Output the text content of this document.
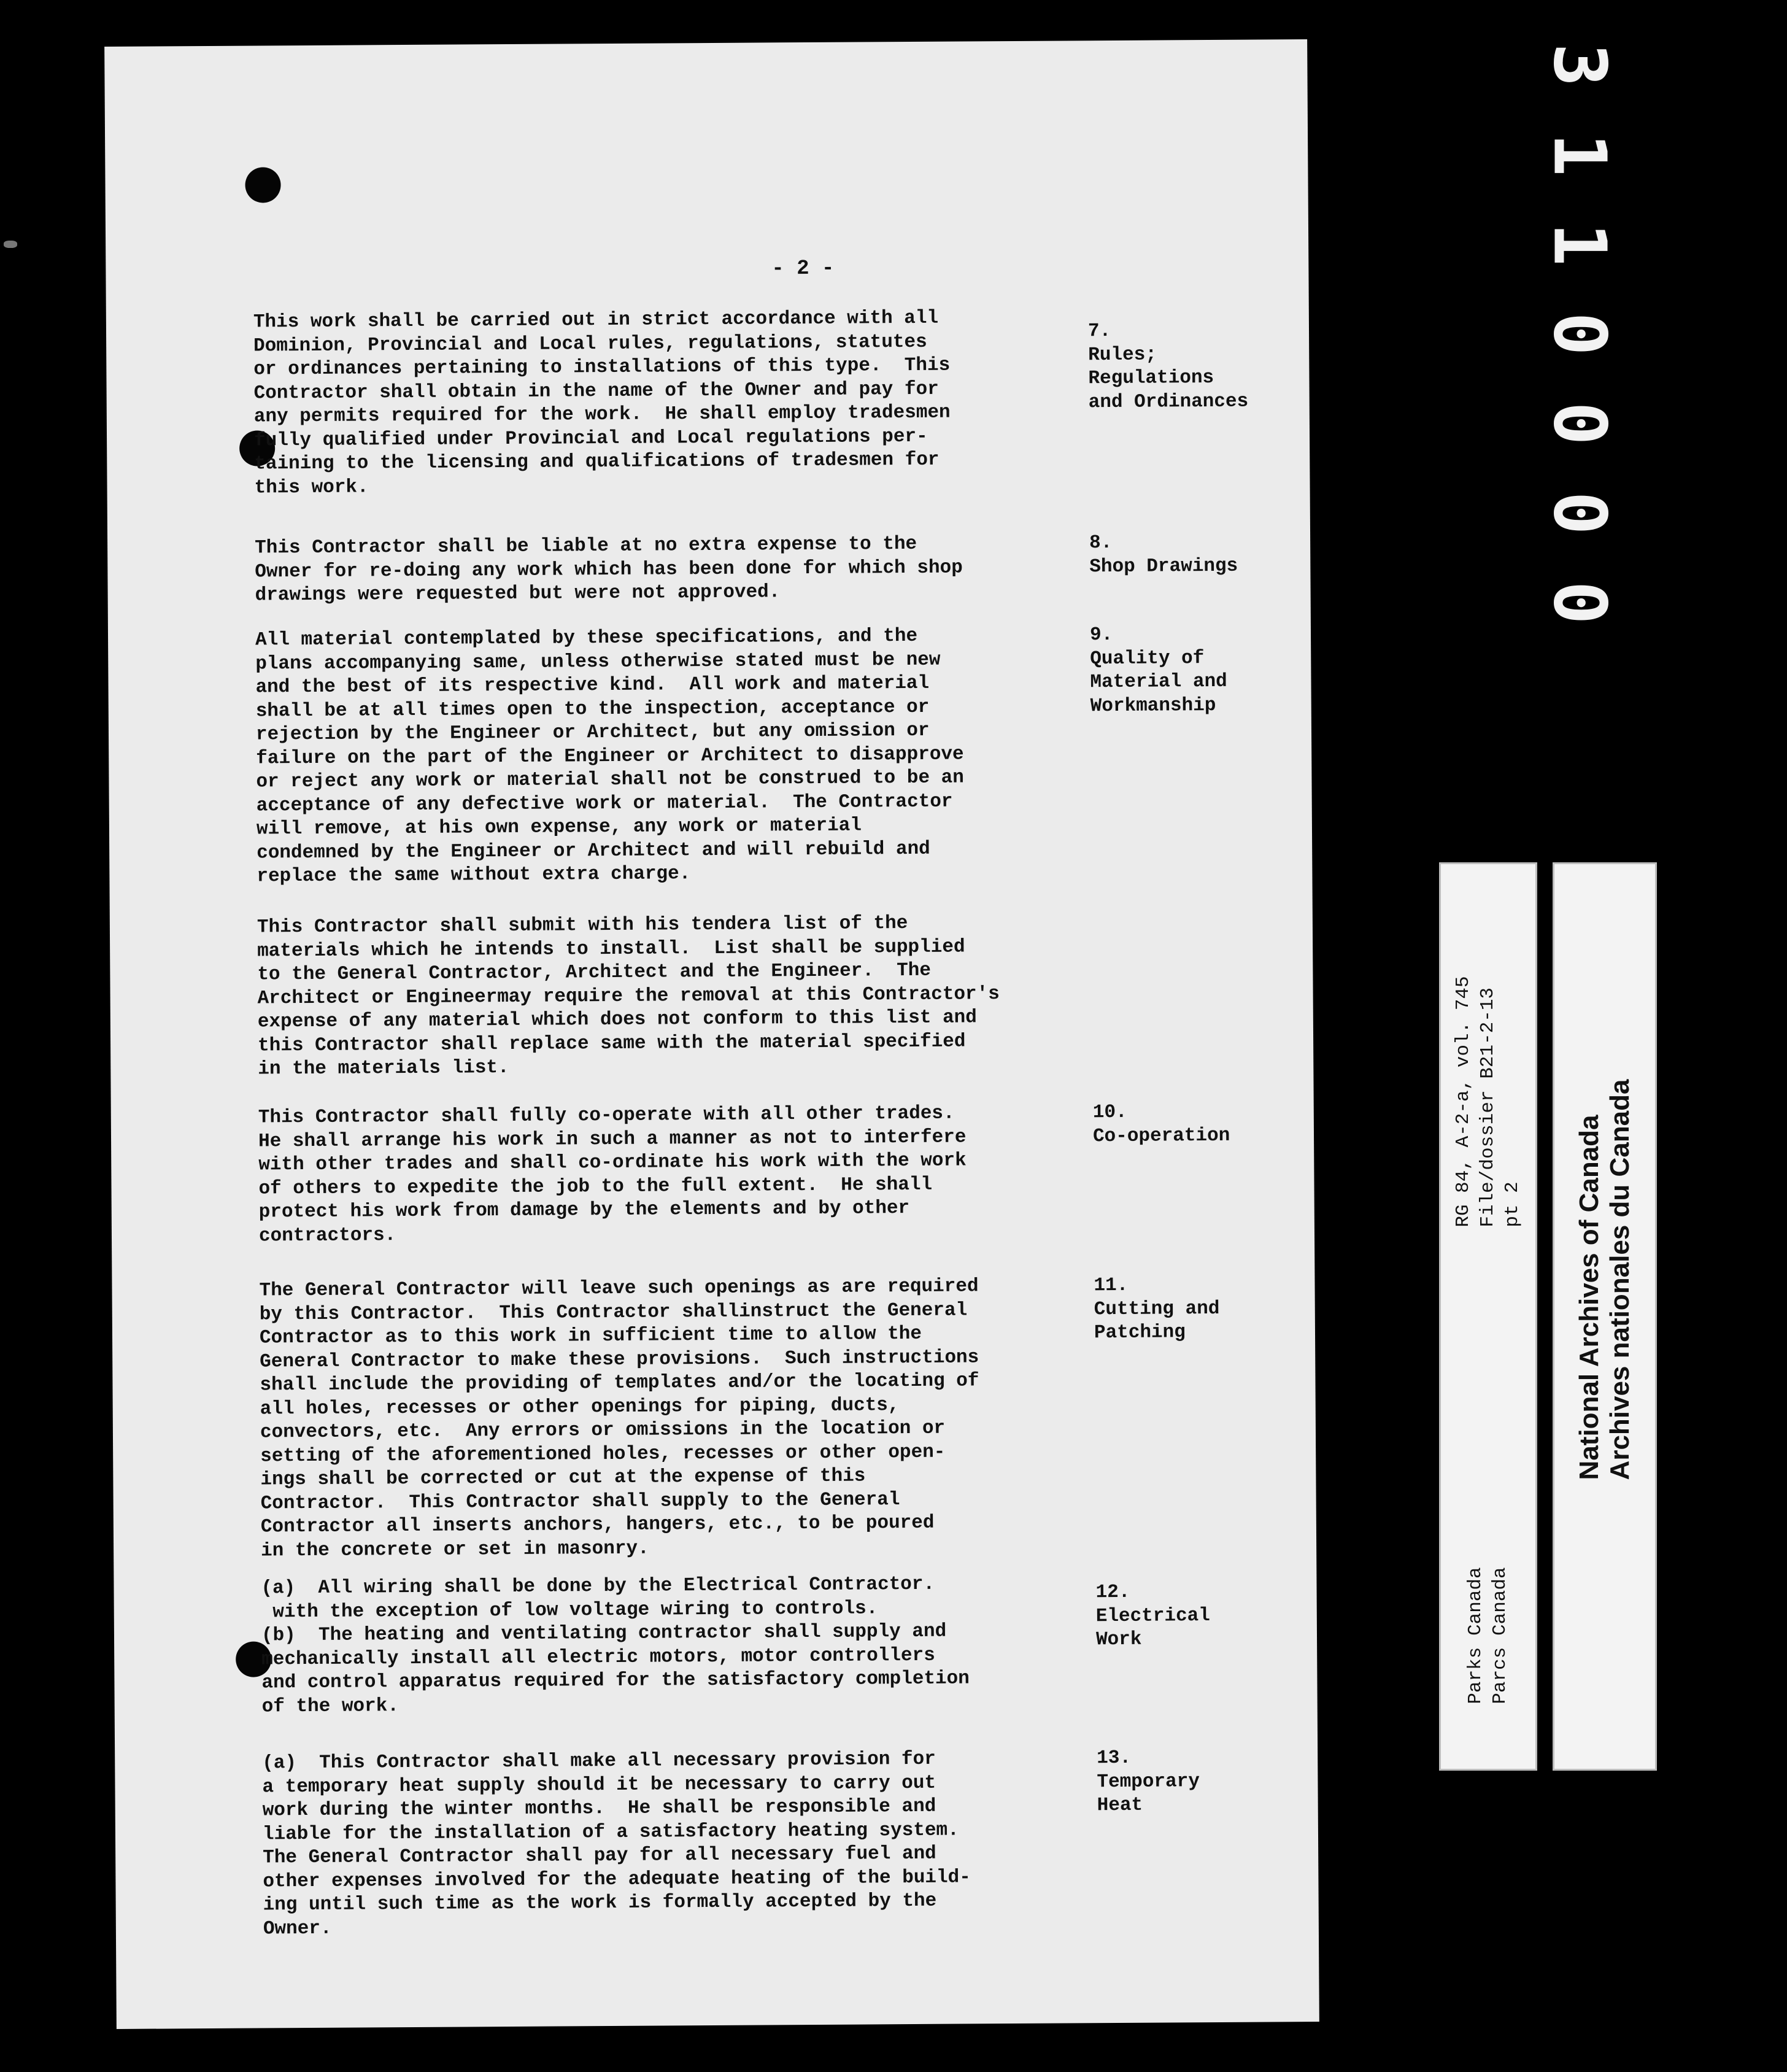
- 2 -

This work shall be carried out in strict accordance with all
Dominion, Provincial and Local rules, regulations, statutes
or ordinances pertaining to installations of this type.  This
Contractor shall obtain in the name of the Owner and pay for
any permits required for the work.  He shall employ tradesmen
fully qualified under Provincial and Local regulations per-
taining to the licensing and qualifications of tradesmen for
this work.

7.
Rules;
Regulations
and Ordinances

This Contractor shall be liable at no extra expense to the
Owner for re-doing any work which has been done for which shop
drawings were requested but were not approved.

8.
Shop Drawings

All material contemplated by these specifications, and the
plans accompanying same, unless otherwise stated must be new
and the best of its respective kind.  All work and material
shall be at all times open to the inspection, acceptance or
rejection by the Engineer or Architect, but any omission or
failure on the part of the Engineer or Architect to disapprove
or reject any work or material shall not be construed to be an
acceptance of any defective work or material.  The Contractor
will remove, at his own expense, any work or material
condemned by the Engineer or Architect and will rebuild and
replace the same without extra charge.

9.
Quality of
Material and
Workmanship

This Contractor shall submit with his tendera list of the
materials which he intends to install.  List shall be supplied
to the General Contractor, Architect and the Engineer.  The
Architect or Engineermay require the removal at this Contractor's
expense of any material which does not conform to this list and
this Contractor shall replace same with the material specified
in the materials list.

This Contractor shall fully co-operate with all other trades.
He shall arrange his work in such a manner as not to interfere
with other trades and shall co-ordinate his work with the work
of others to expedite the job to the full extent.  He shall
protect his work from damage by the elements and by other
contractors.

10.
Co-operation

The General Contractor will leave such openings as are required
by this Contractor.  This Contractor shallinstruct the General
Contractor as to this work in sufficient time to allow the
General Contractor to make these provisions.  Such instructions
shall include the providing of templates and/or the locating of
all holes, recesses or other openings for piping, ducts,
convectors, etc.  Any errors or omissions in the location or
setting of the aforementioned holes, recesses or other open-
ings shall be corrected or cut at the expense of this
Contractor.  This Contractor shall supply to the General
Contractor all inserts anchors, hangers, etc., to be poured
in the concrete or set in masonry.

11.
Cutting and
Patching

(a)  All wiring shall be done by the Electrical Contractor.
with the exception of low voltage wiring to controls.
(b)  The heating and ventilating contractor shall supply and
mechanically install all electric motors, motor controllers
and control apparatus required for the satisfactory completion
of the work.

12.
Electrical
Work

(a)  This Contractor shall make all necessary provision for
a temporary heat supply should it be necessary to carry out
work during the winter months.  He shall be responsible and
liable for the installation of a satisfactory heating system.
The General Contractor shall pay for all necessary fuel and
other expenses involved for the adequate heating of the build-
ing until such time as the work is formally accepted by the
Owner.

13.
Temporary
Heat

3
1
1
0
0
0
0
RG 84, A-2-a, vol. 745
File/dossier B21-2-13
pt 2
Parks Canada
Parcs Canada
National Archives of Canada
Archives nationales du Canada
